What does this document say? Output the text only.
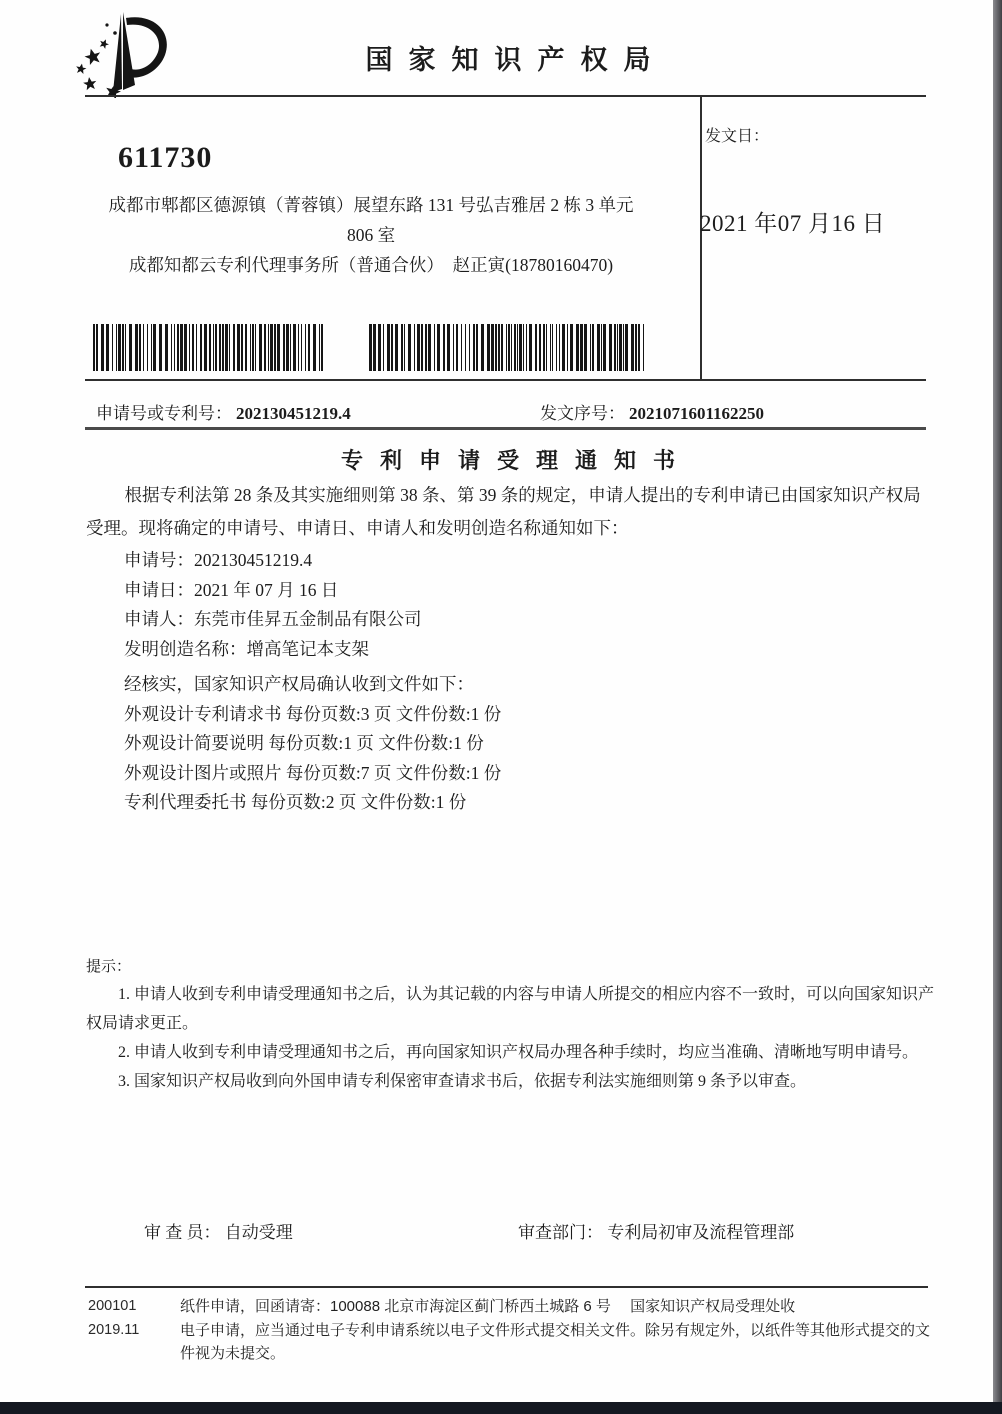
国家知识产权局
611730
成都市郫都区德源镇（菁蓉镇）展望东路 131 号弘吉雅居 2 栋 3 单元
806 室
成都知都云专利代理事务所（普通合伙）　赵正寅(18780160470)
发文日：
2021 年07 月16 日
申请号或专利号： 202130451219.4	发文序号： 2021071601162250
专利申请受理通知书

根据专利法第 28 条及其实施细则第 38 条、第 39 条的规定，申请人提出的专利申请已由国家知识产权局受理。现将确定的申请号、申请日、申请人和发明创造名称通知如下：

申请号：202130451219.4
申请日：2021 年 07 月 16 日
申请人：东莞市佳昇五金制品有限公司
发明创造名称：增高笔记本支架
经核实，国家知识产权局确认收到文件如下：
外观设计专利请求书 每份页数:3 页 文件份数:1 份
外观设计简要说明 每份页数:1 页 文件份数:1 份
外观设计图片或照片 每份页数:7 页 文件份数:1 份
专利代理委托书 每份页数:2 页 文件份数:1 份
提示：

1. 申请人收到专利申请受理通知书之后，认为其记载的内容与申请人所提交的相应内容不一致时，可以向国家知识产权局请求更正。

2. 申请人收到专利申请受理通知书之后，再向国家知识产权局办理各种手续时，均应当准确、清晰地写明申请号。

3. 国家知识产权局收到向外国申请专利保密审查请求书后，依据专利法实施细则第 9 条予以审查。

审 查 员： 自动受理	审查部门： 专利局初审及流程管理部
200101
2019.11
纸件申请，回函请寄：100088 北京市海淀区蓟门桥西土城路 6 号　 国家知识产权局受理处收
电子申请，应当通过电子专利申请系统以电子文件形式提交相关文件。除另有规定外，以纸件等其他形式提交的文件视为未提交。
